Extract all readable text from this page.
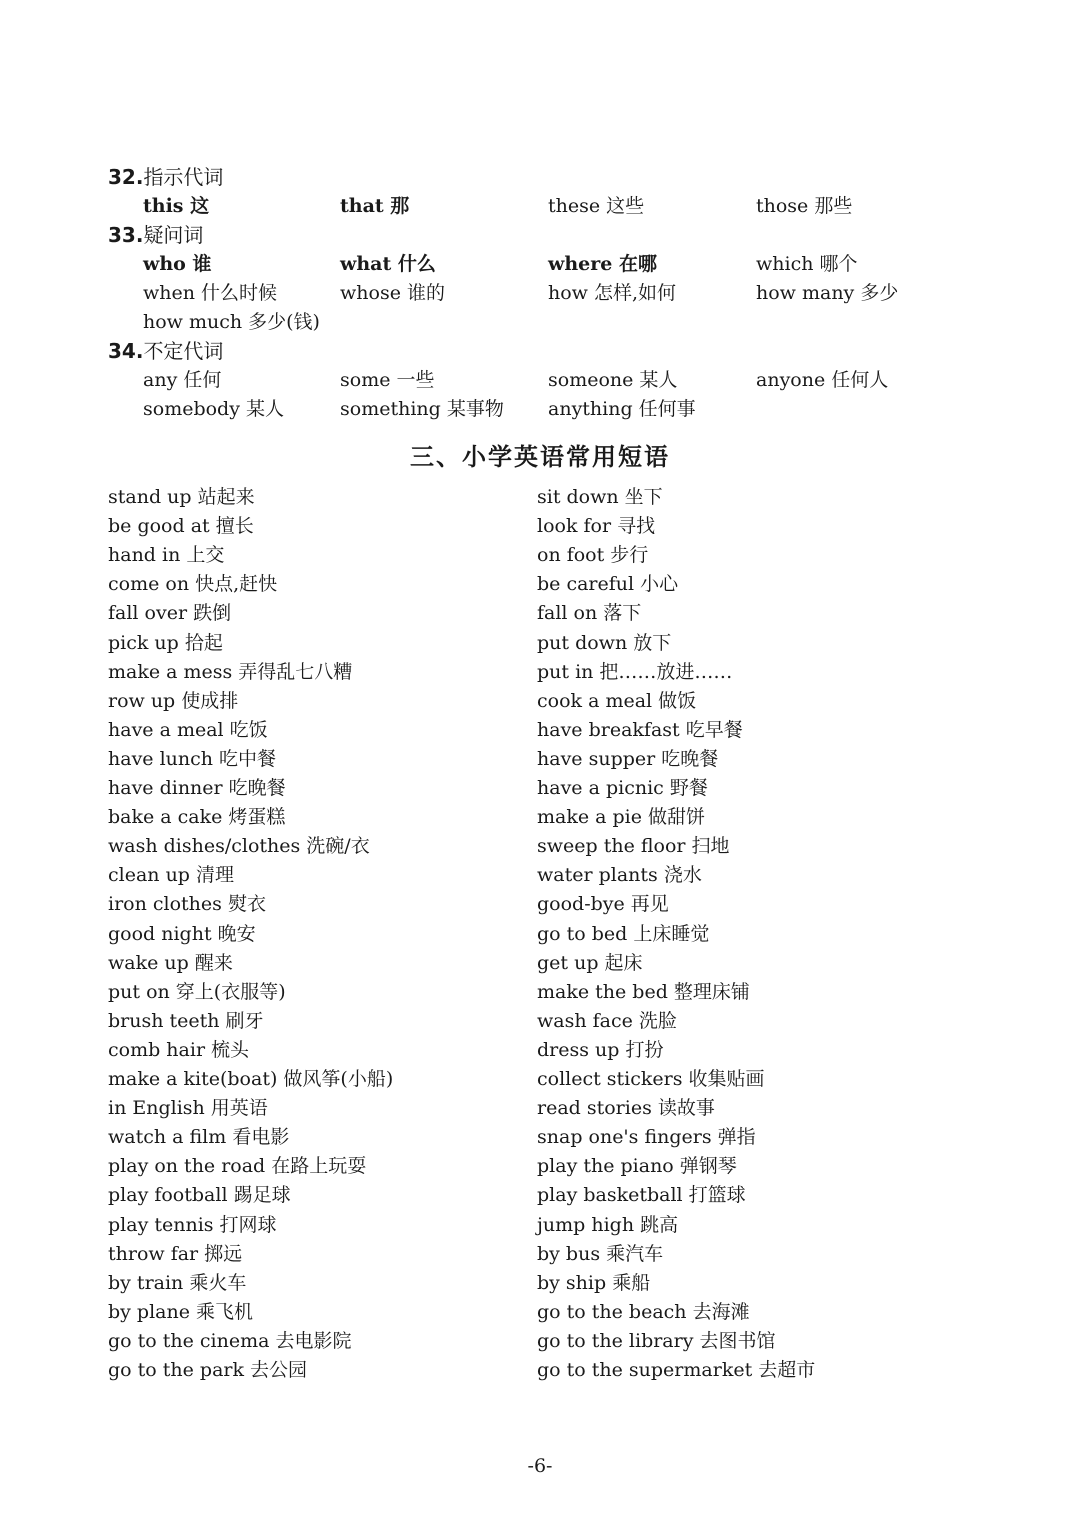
32.指示代词
this 这	that 那	these 这些	those 那些
33.疑问词
who 谁	what 什么	where 在哪	which 哪个
when 什么时候	whose 谁的	how 怎样,如何	how many 多少
how much 多少(钱)
34.不定代词
any 任何	some 一些	someone 某人	anyone 任何人
somebody 某人	something 某事物 anything 任何事
三、小学英语常用短语
stand up 站起来	sit down 坐下
be good at 擅长	look for 寻找
hand in 上交	on foot 步行
come on 快点,赶快	be careful 小心
fall over 跌倒	fall on 落下
pick up 拾起	put down 放下
make a mess 弄得乱七八糟	put in 把……放进……
row up 使成排	cook a meal 做饭
have a meal 吃饭	have breakfast 吃早餐
have lunch 吃中餐	have supper 吃晚餐
have dinner 吃晚餐	have a picnic 野餐
bake a cake 烤蛋糕	make a pie 做甜饼
wash dishes/clothes 洗碗/衣	sweep the floor 扫地
clean up 清理	water plants 浇水
iron clothes 熨衣	good-bye 再见
good night 晚安	go to bed 上床睡觉
wake up 醒来	get up 起床
put on 穿上(衣服等)	make the bed 整理床铺
brush teeth 刷牙	wash face 洗脸
comb hair 梳头	dress up 打扮
make a kite(boat) 做风筝(小船)	collect stickers 收集贴画
in English 用英语	read stories 读故事
watch a film 看电影	snap one's fingers 弹指
play on the road 在路上玩耍	play the piano 弹钢琴
play football 踢足球	play basketball 打篮球
play tennis 打网球	jump high 跳高
throw far 掷远	by bus 乘汽车
by train 乘火车	by ship 乘船
by plane 乘飞机	go to the beach 去海滩
go to the cinema 去电影院	go to the library 去图书馆
go to the park 去公园	go to the supermarket 去超市
-6-
